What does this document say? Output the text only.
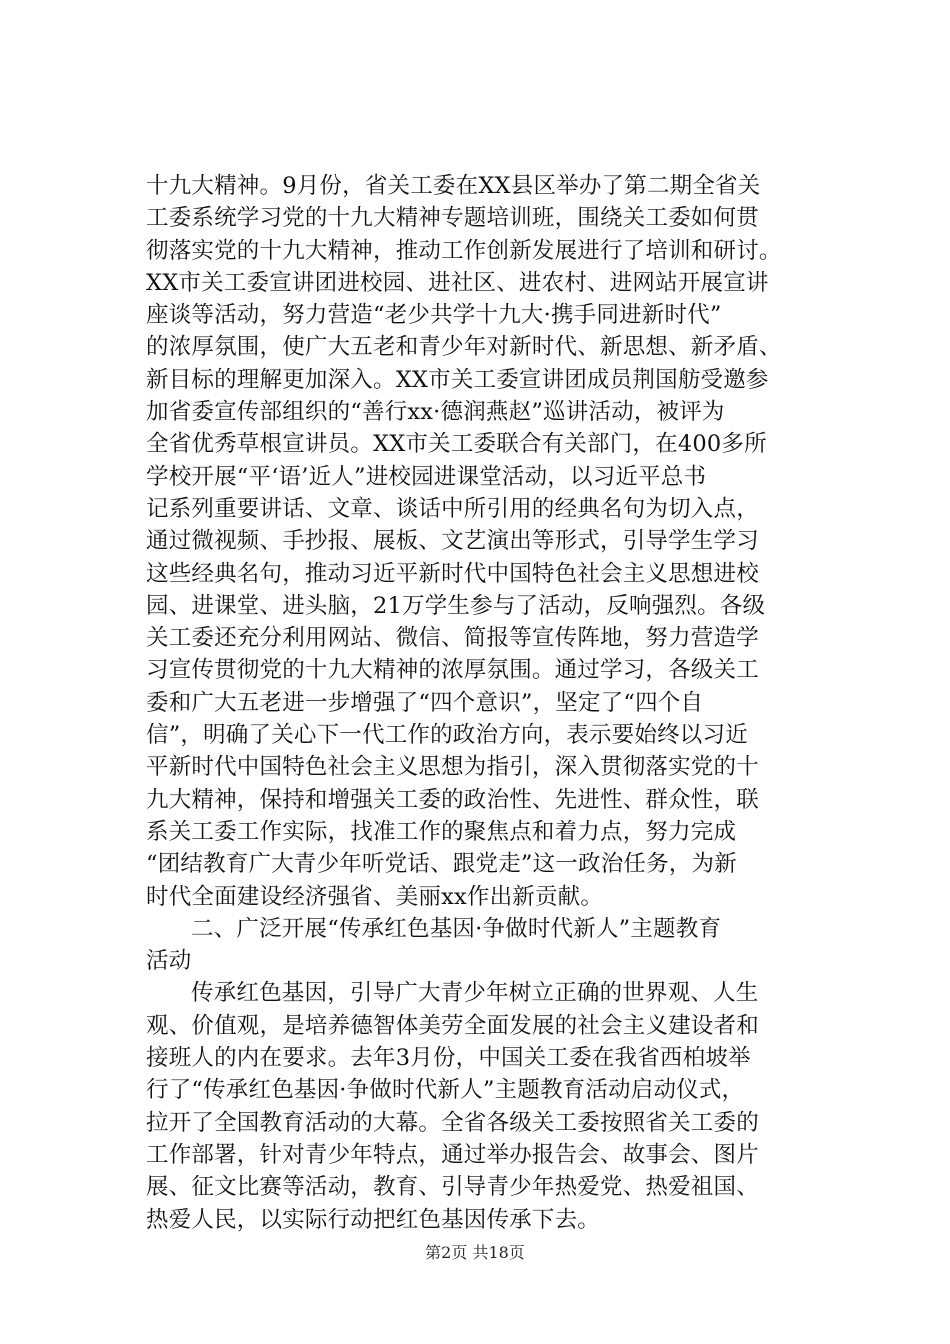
十九大精神。9月份，省关工委在XX县区举办了第二期全省关
工委系统学习党的十九大精神专题培训班，围绕关工委如何贯
彻落实党的十九大精神，推动工作创新发展进行了培训和研讨。
XX市关工委宣讲团进校园、进社区、进农村、进网站开展宣讲
座谈等活动，努力营造“老少共学十九大·携手同进新时代”
的浓厚氛围，使广大五老和青少年对新时代、新思想、新矛盾、
新目标的理解更加深入。XX市关工委宣讲团成员荆国舫受邀参
加省委宣传部组织的“善行xx·德润燕赵”巡讲活动，被评为
全省优秀草根宣讲员。XX市关工委联合有关部门，在400多所
学校开展“平‘语’近人”进校园进课堂活动，以习近平总书
记系列重要讲话、文章、谈话中所引用的经典名句为切入点，
通过微视频、手抄报、展板、文艺演出等形式，引导学生学习
这些经典名句，推动习近平新时代中国特色社会主义思想进校
园、进课堂、进头脑，21万学生参与了活动，反响强烈。各级
关工委还充分利用网站、微信、简报等宣传阵地，努力营造学
习宣传贯彻党的十九大精神的浓厚氛围。通过学习，各级关工
委和广大五老进一步增强了“四个意识”，坚定了“四个自
信”，明确了关心下一代工作的政治方向，表示要始终以习近
平新时代中国特色社会主义思想为指引，深入贯彻落实党的十
九大精神，保持和增强关工委的政治性、先进性、群众性，联
系关工委工作实际，找准工作的聚焦点和着力点，努力完成
“团结教育广大青少年听党话、跟党走”这一政治任务，为新
时代全面建设经济强省、美丽xx作出新贡献。
二、广泛开展“传承红色基因·争做时代新人”主题教育
活动
传承红色基因，引导广大青少年树立正确的世界观、人生
观、价值观，是培养德智体美劳全面发展的社会主义建设者和
接班人的内在要求。去年3月份，中国关工委在我省西柏坡举
行了“传承红色基因·争做时代新人”主题教育活动启动仪式，
拉开了全国教育活动的大幕。全省各级关工委按照省关工委的
工作部署，针对青少年特点，通过举办报告会、故事会、图片
展、征文比赛等活动，教育、引导青少年热爱党、热爱祖国、
热爱人民，以实际行动把红色基因传承下去。
第2页 共18页
